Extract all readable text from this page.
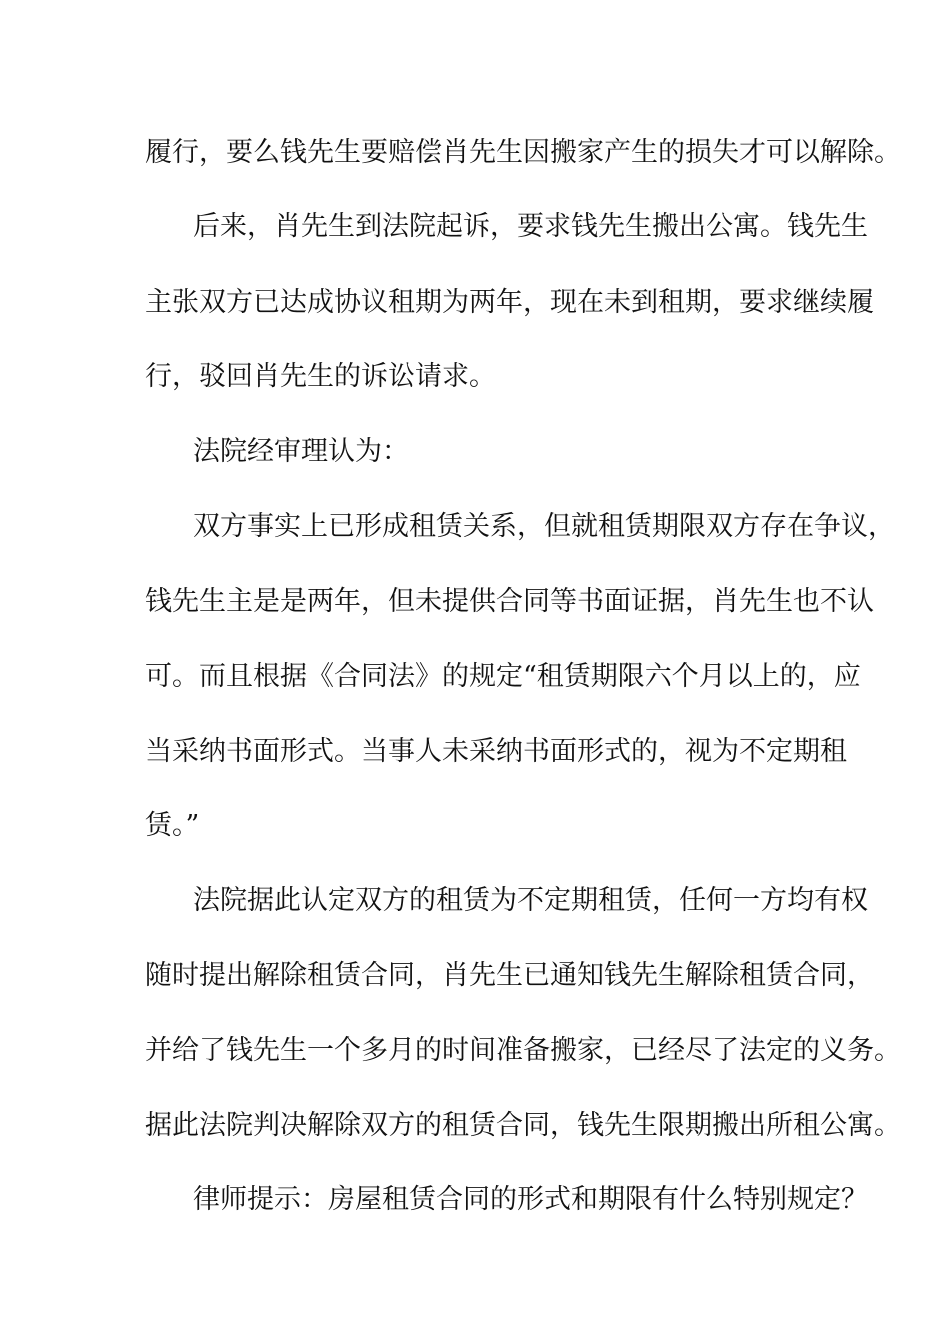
履行，要么钱先生要赔偿肖先生因搬家产生的损失才可以解除。
后来，肖先生到法院起诉，要求钱先生搬出公寓。钱先生
主张双方已达成协议租期为两年，现在未到租期，要求继续履
行，驳回肖先生的诉讼请求。
法院经审理认为：
双方事实上已形成租赁关系，但就租赁期限双方存在争议，
钱先生主是是两年，但未提供合同等书面证据，肖先生也不认
可。而且根据《合同法》的规定“租赁期限六个月以上的，应
当采纳书面形式。当事人未采纳书面形式的，视为不定期租
赁。”
法院据此认定双方的租赁为不定期租赁，任何一方均有权
随时提出解除租赁合同，肖先生已通知钱先生解除租赁合同，
并给了钱先生一个多月的时间准备搬家，已经尽了法定的义务。
据此法院判决解除双方的租赁合同，钱先生限期搬出所租公寓。
律师提示：房屋租赁合同的形式和期限有什么特别规定？
